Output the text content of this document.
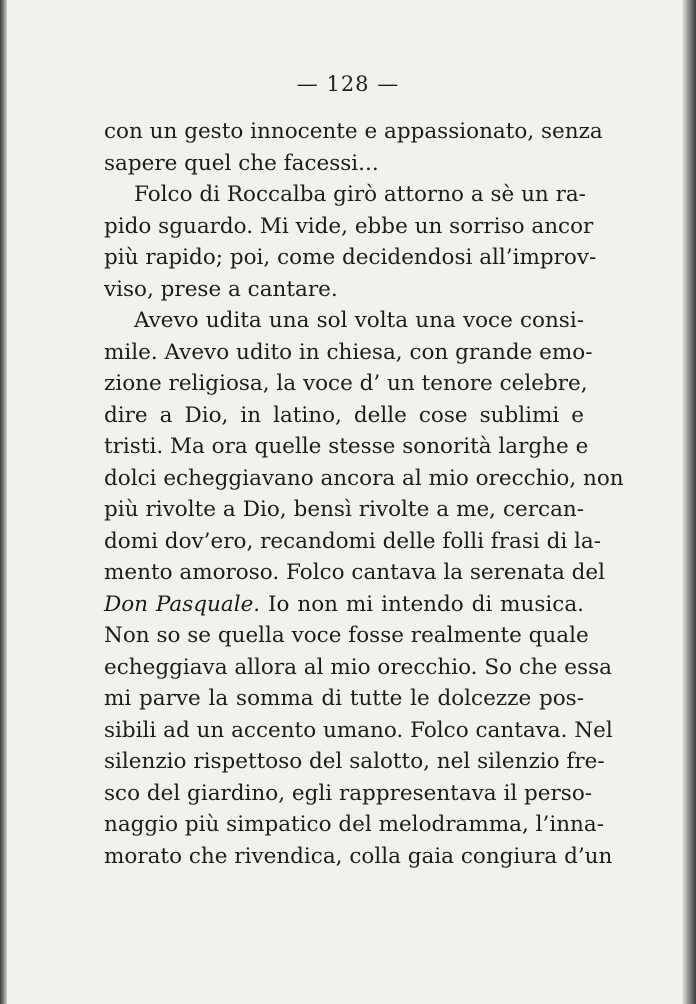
— 128 —
con un gesto innocente e appassionato, senza
sapere quel che facessi...
Folco di Roccalba girò attorno a sè un ra-
pido sguardo. Mi vide, ebbe un sorriso ancor
più rapido; poi, come decidendosi all’improv-
viso, prese a cantare.
Avevo udita una sol volta una voce consi-
mile. Avevo udito in chiesa, con grande emo-
zione religiosa, la voce d’ un tenore celebre,
dire a Dio, in latino, delle cose sublimi e
tristi. Ma ora quelle stesse sonorità larghe e
dolci echeggiavano ancora al mio orecchio, non
più rivolte a Dio, bensì rivolte a me, cercan-
domi dov’ero, recandomi delle folli frasi di la-
mento amoroso. Folco cantava la serenata del
Don Pasquale. Io non mi intendo di musica.
Non so se quella voce fosse realmente quale
echeggiava allora al mio orecchio. So che essa
mi parve la somma di tutte le dolcezze pos-
sibili ad un accento umano. Folco cantava. Nel
silenzio rispettoso del salotto, nel silenzio fre-
sco del giardino, egli rappresentava il perso-
naggio più simpatico del melodramma, l’inna-
morato che rivendica, colla gaia congiura d’un
